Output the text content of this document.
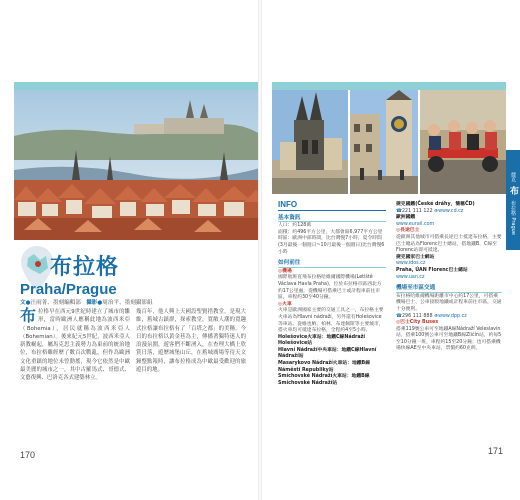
布拉格
Praha/Prague
文●汪雨菁、墨刻編輯部 攝影●周治平、墨刻攝影組
布拉格早在西元9世紀時建立了城市的雛形，當時歐洲人應稱此地為波西米亞（Bohemia），居民就稱為波西米亞人（Bohemian）。後來紀元5世紀，波西米亞人新教崛起，屬馬克思主義勢力為東前的統治地位，布拉格雖經歷了數百次戰亂，但作為歐洲文化重鎮的地位未曾動搖，現今它依然是中歐最美麗的城市之一，其中古羅馬式、哥德式、文藝復興、巴洛克各式建築林立。
幾百年，他人興上天國設聖賢措教堂，是現大維，舊城古鎮群，探索教堂，寬敞人潮的寬趣式拉格讓布拉格有了「百塔之都」的美稱。今日的布拉格以黃金巷為主，傳播著獨特迷人的浪漫氛圍，遊客們不斷湧入，在查理大橋上欣賞日落，遊歷城堡山丘，在舊城廣場等待天文鐘整點報時，讓布拉格成為中歐最受歡迎的旅遊目的地。
170
捷克 布 布拉格 Prague
INFO
基本資訊
人口：約128萬
面積：約496平方公里，大都會區6,977平方公里
時區：歐洲中部時間，比台灣慢7小時，夏令時間(3月最後一個週日~10月最後一個週日)比台灣慢6小時
如何前往
◎機場
國際航班直飛布拉格哈維爾國際機場(Letiště Václava Havla Praha)，位於布拉格市區西北方約17公里處，從機場可搭乘巴士或計程車前往市區，車程約30至40分鐘。
◎火車
火車是歐洲國家主要的交通工具之一，布拉格主要火車站為Hlavní nádraží，另外還有Holešovice等車站。從維也納、柏林、布達佩斯等主要城市，搭火車均可抵達布拉格，全程約4至5小時。
Holešovice火車站：地鐵C線Nádraží Holešovice站
Hlavní Nádraží中央車站：地鐵C線Hlavní Nádraží站
Masarykovo Nádraží火車站：地鐵B線Náměstí Republiky站
Smíchovské Nádraží火車站：地鐵B線Smíchovské Nádraží站
捷克國鐵(České dráhy，簡稱ČD)
☎221 111 122 ⊕www.cd.cz
歐洲國鐵
www.eurail.com
◎長途巴士
從歐洲其他城市可搭乘長途巴士抵達布拉格，主要巴士總站為Florenc巴士總站，搭地鐵B、C線至Florenc站即可抵達。
捷克國家巴士網站
www.idos.cz
Praha, ÚAN Florenc巴士總站
www.uan.cz
機場至市區交通
布拉格哈維爾機場距離市中心約17公里，可搭乘機場巴士、公車接駁地鐵或計程車前往市區，交通十分便利。
☎296 111 888 ⊕www.dpp.cz
◎巴士City Buses
搭乘119號公車可至地鐵A線Nádraží Veleslavín站，搭乘100號公車可至地鐵B線Zličín站，約每5至10分鐘一班，車程約15至20分鐘；也可搭乘機場快線AE至中央車站，票價約60克朗。
171
